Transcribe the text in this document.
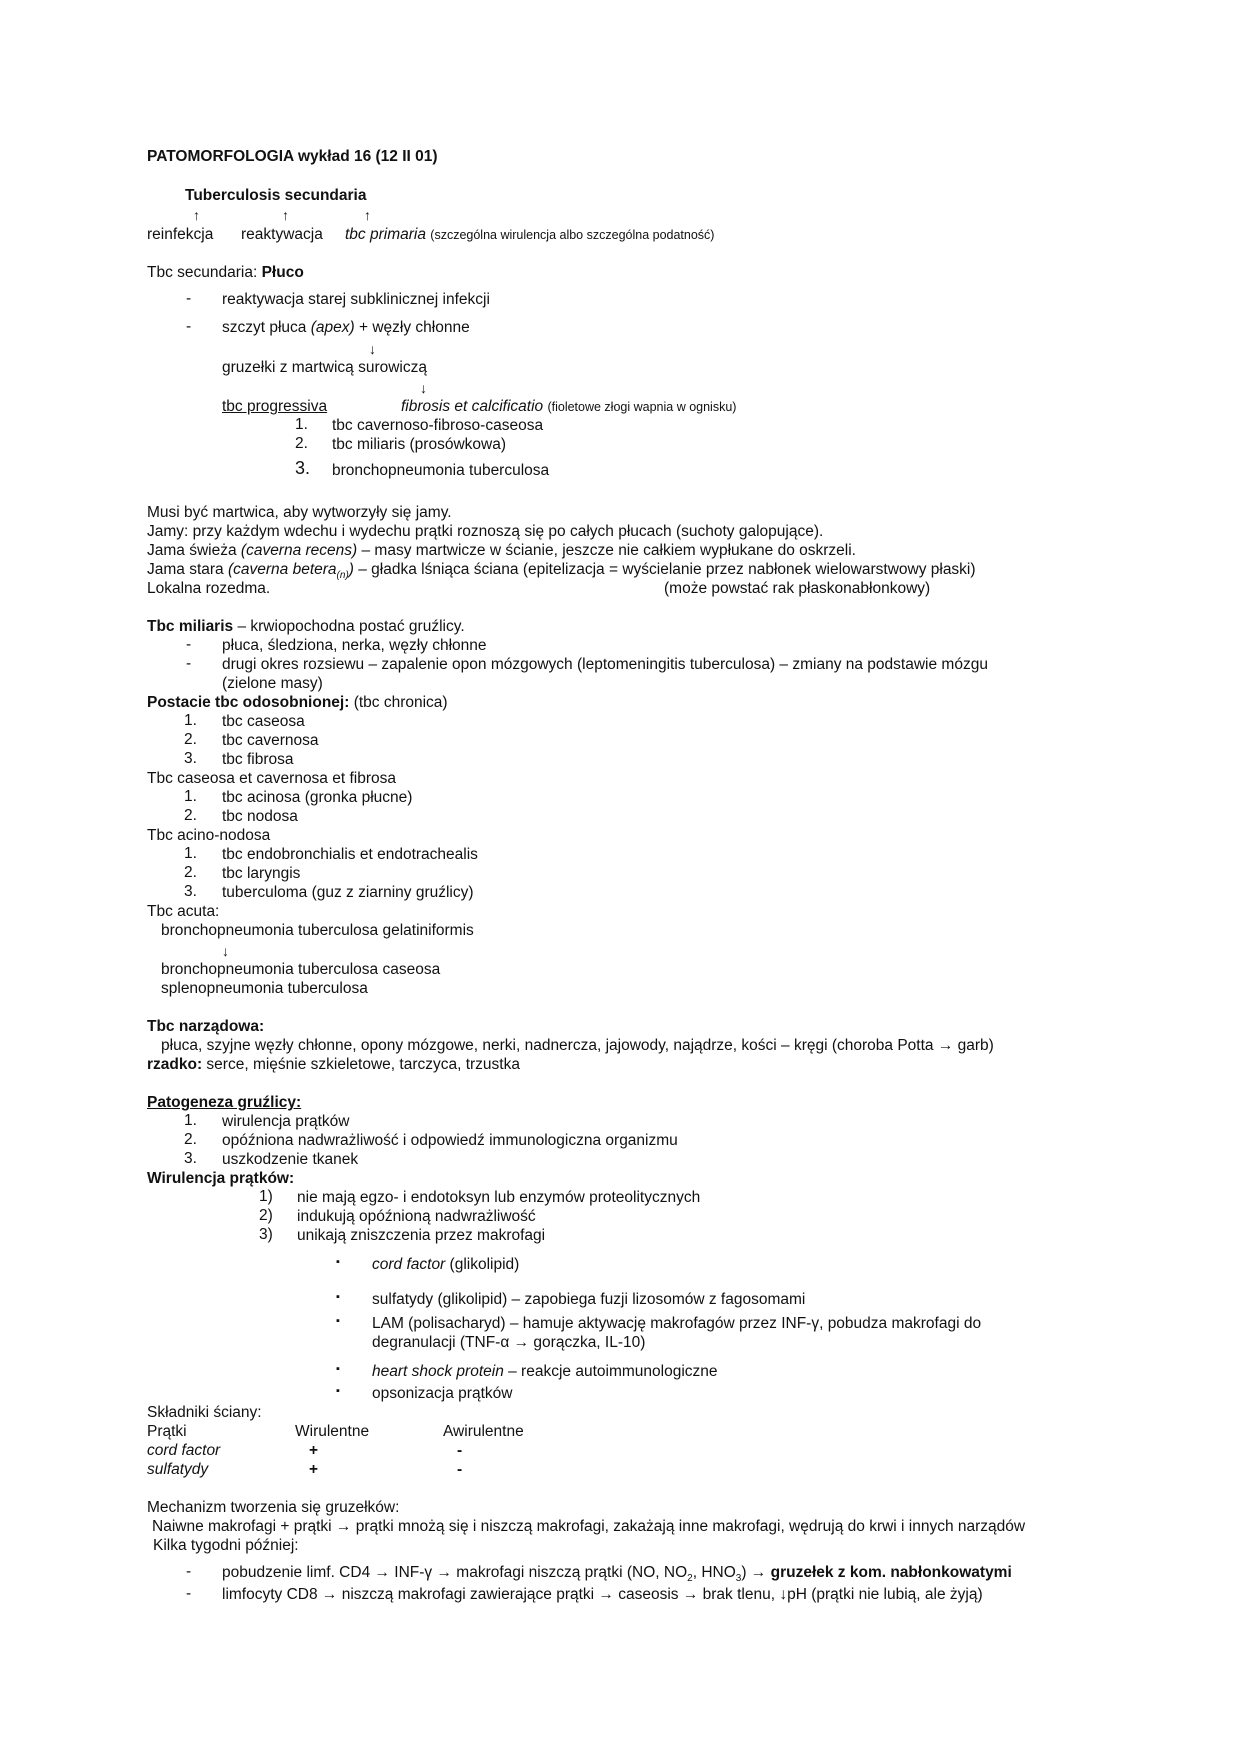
PATOMORFOLOGIA wykład 16 (12 II 01)
Tuberculosis secundaria
↑	↑	↑
reinfekcja reaktywacja tbc primaria (szczególna wirulencja albo szczególna podatność)
Tbc secundaria: Płuco
- reaktywacja starej subklinicznej infekcji
- szczyt płuca (apex) + węzły chłonne
↓
gruzełki z martwicą surowiczą
↓
tbc progressiva	fibrosis et calcificatio (fioletowe złogi wapnia w ognisku)
1. tbc cavernoso-fibroso-caseosa
2. tbc miliaris (prosówkowa)
3. bronchopneumonia tuberculosa
Musi być martwica, aby wytworzyły się jamy.
Jamy: przy każdym wdechu i wydechu prątki roznoszą się po całych płucach (suchoty galopujące).
Jama świeża (caverna recens) – masy martwicze w ścianie, jeszcze nie całkiem wypłukane do oskrzeli.
Jama stara (caverna betera$_{(n)}$) – gładka lśniąca ściana (epitelizacja = wyścielanie przez nabłonek wielowarstwowy płaski)
Lokalna rozedma.	(może powstać rak płaskonabłonkowy)
Tbc miliaris – krwiopochodna postać gruźlicy.
- płuca, śledziona, nerka, węzły chłonne
- drugi okres rozsiewu – zapalenie opon mózgowych (leptomeningitis tuberculosa) – zmiany na podstawie mózgu
(zielone masy)
Postacie tbc odosobnionej: (tbc chronica)
1. tbc caseosa
2. tbc cavernosa
3. tbc fibrosa
Tbc caseosa et cavernosa et fibrosa
1. tbc acinosa (gronka płucne)
2. tbc nodosa
Tbc acino-nodosa
1. tbc endobronchialis et endotrachealis
2. tbc laryngis
3. tuberculoma (guz z ziarniny gruźlicy)
Tbc acuta:
bronchopneumonia tuberculosa gelatiniformis
↓
bronchopneumonia tuberculosa caseosa
splenopneumonia tuberculosa
Tbc narządowa:
płuca, szyjne węzły chłonne, opony mózgowe, nerki, nadnercza, jajowody, najądrze, kości – kręgi (choroba Potta → garb)
rzadko: serce, mięśnie szkieletowe, tarczyca, trzustka
Patogeneza gruźlicy:
1. wirulencja prątków
2. opóźniona nadwrażliwość i odpowiedź immunologiczna organizmu
3. uszkodzenie tkanek
Wirulencja prątków:
1) nie mają egzo- i endotoksyn lub enzymów proteolitycznych
2) indukują opóźnioną nadwrażliwość
3) unikają zniszczenia przez makrofagi
▪ cord factor (glikolipid)
▪ sulfatydy (glikolipid) – zapobiega fuzji lizosomów z fagosomami
▪ LAM (polisacharyd) – hamuje aktywację makrofagów przez INF-γ, pobudza makrofagi do
degranulacji (TNF-α → gorączka, IL-10)
▪ heart shock protein – reakcje autoimmunologiczne
▪ opsonizacja prątków
Składniki ściany:
Prątki	Wirulentne	Awirulentne
cord factor	+	-
sulfatydy	+	-
Mechanizm tworzenia się gruzełków:
Naiwne makrofagi + prątki → prątki mnożą się i niszczą makrofagi, zakażają inne makrofagi, wędrują do krwi i innych narządów
Kilka tygodni później:
- pobudzenie limf. CD4 → INF-γ → makrofagi niszczą prątki (NO, $NO_2$, $HNO_3$) → gruzełek z kom. nabłonkowatymi
- limfocyty CD8 → niszczą makrofagi zawierające prątki → caseosis → brak tlenu, ↓pH (prątki nie lubią, ale żyją)
